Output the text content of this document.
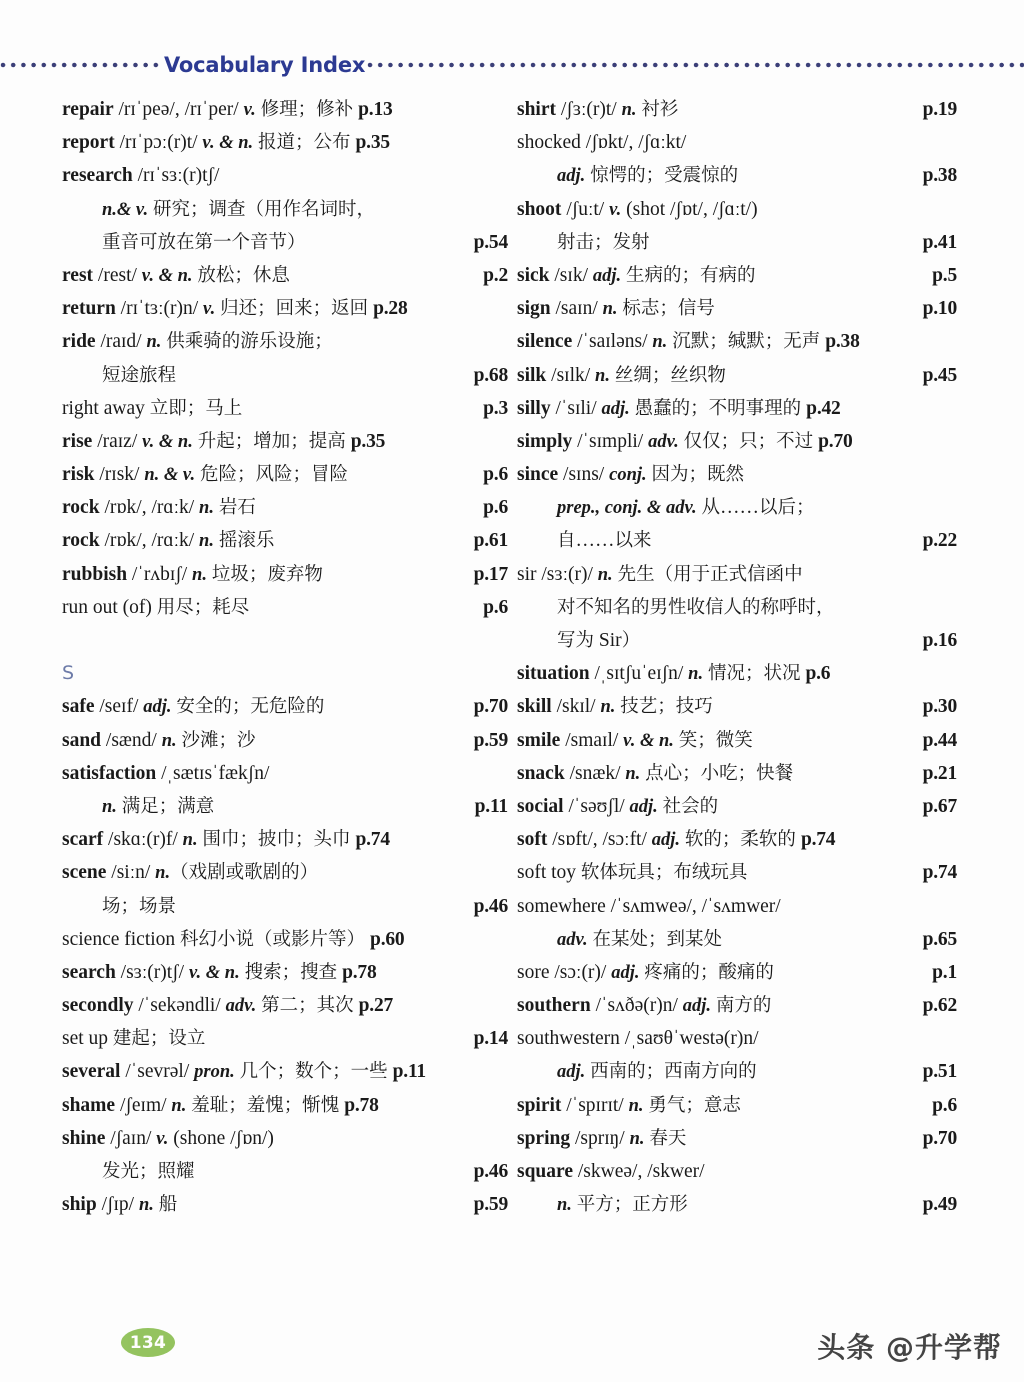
Vocabulary Index
repair /rɪˈpeə/, /rɪˈper/ v. 修理；修补 p.13
report /rɪˈpɔː(r)t/ v. & n. 报道；公布 p.35
research /rɪˈsɜː(r)tʃ/
n.& v. 研究；调查（用作名词时，
重音可放在第一个音节）	p.54
rest /rest/ v. & n. 放松；休息	p.2
return /rɪˈtɜː(r)n/ v. 归还；回来；返回 p.28
ride /raɪd/ n. 供乘骑的游乐设施；
短途旅程	p.68
right away 立即；马上	p.3
rise /raɪz/ v. & n. 升起；增加；提高 p.35
risk /rɪsk/ n. & v. 危险；风险；冒险	p.6
rock /rɒk/, /rɑːk/ n. 岩石	p.6
rock /rɒk/, /rɑːk/ n. 摇滚乐	p.61
rubbish /ˈrʌbɪʃ/ n. 垃圾；废弃物	p.17
run out (of) 用尽；耗尽	p.6
S
safe /seɪf/ adj. 安全的；无危险的	p.70
sand /sænd/ n. 沙滩；沙	p.59
satisfaction /ˌsætɪsˈfækʃn/
n. 满足；满意	p.11
scarf /skɑː(r)f/ n. 围巾；披巾；头巾 p.74
scene /siːn/ n.（戏剧或歌剧的）
场；场景	p.46
science fiction 科幻小说（或影片等） p.60
search /sɜː(r)tʃ/ v. & n. 搜索；搜查 p.78
secondly /ˈsekəndli/ adv. 第二；其次 p.27
set up 建起；设立	p.14
several /ˈsevrəl/ pron. 几个；数个；一些 p.11
shame /ʃeɪm/ n. 羞耻；羞愧；惭愧 p.78
shine /ʃaɪn/ v. (shone /ʃɒn/)
发光；照耀	p.46
ship /ʃɪp/ n. 船	p.59
shirt /ʃɜː(r)t/ n. 衬衫	p.19
shocked /ʃɒkt/, /ʃɑːkt/
adj. 惊愕的；受震惊的	p.38
shoot /ʃuːt/ v. (shot /ʃɒt/, /ʃɑːt/)
射击；发射	p.41
sick /sɪk/ adj. 生病的；有病的	p.5
sign /saɪn/ n. 标志；信号	p.10
silence /ˈsaɪləns/ n. 沉默；缄默；无声 p.38
silk /sɪlk/ n. 丝绸；丝织物	p.45
silly /ˈsɪli/ adj. 愚蠢的；不明事理的 p.42
simply /ˈsɪmpli/ adv. 仅仅；只；不过 p.70
since /sɪns/ conj. 因为；既然
prep., conj. & adv. 从……以后；
自……以来	p.22
sir /sɜː(r)/ n. 先生（用于正式信函中
对不知名的男性收信人的称呼时，
写为 Sir）	p.16
situation /ˌsɪtʃuˈeɪʃn/ n. 情况；状况 p.6
skill /skɪl/ n. 技艺；技巧	p.30
smile /smaɪl/ v. & n. 笑；微笑	p.44
snack /snæk/ n. 点心；小吃；快餐	p.21
social /ˈsəʊʃl/ adj. 社会的	p.67
soft /sɒft/, /sɔːft/ adj. 软的；柔软的 p.74
soft toy 软体玩具；布绒玩具	p.74
somewhere /ˈsʌmweə/, /ˈsʌmwer/
adv. 在某处；到某处	p.65
sore /sɔː(r)/ adj. 疼痛的；酸痛的	p.1
southern /ˈsʌðə(r)n/ adj. 南方的	p.62
southwestern /ˌsaʊθˈwestə(r)n/
adj. 西南的；西南方向的	p.51
spirit /ˈspɪrɪt/ n. 勇气；意志	p.6
spring /sprɪŋ/ n. 春天	p.70
square /skweə/, /skwer/
n. 平方；正方形	p.49
134	头条 @升学帮
